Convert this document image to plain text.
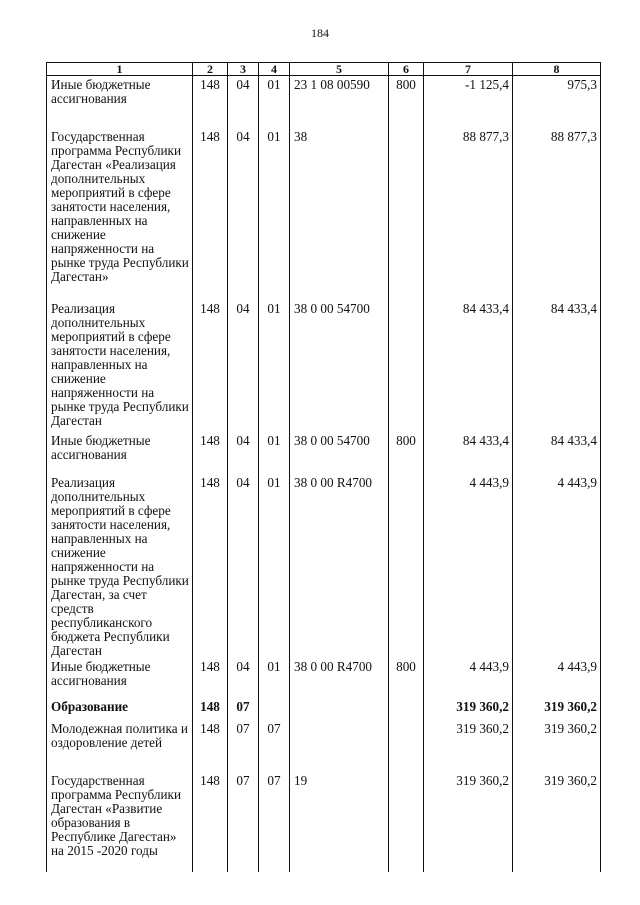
184
1	2	3	4	5	6	7	8
Иные бюджетные ассигнования	148	04	01	23 1 08 00590	800	-1 125,4	975,3
Государственная программа Республики Дагестан «Реализация дополнительных мероприятий в сфере занятости населения, направленных на снижение напряженности на рынке труда Республики Дагестан»	148	04	01	38		88 877,3	88 877,3
Реализация дополнительных мероприятий в сфере занятости населения, направленных на снижение напряженности на рынке труда Республики Дагестан	148	04	01	38 0 00 54700		84 433,4	84 433,4
Иные бюджетные ассигнования	148	04	01	38 0 00 54700	800	84 433,4	84 433,4
Реализация дополнительных мероприятий в сфере занятости населения, направленных на снижение напряженности на рынке труда Республики Дагестан, за счет средств республиканского бюджета Республики Дагестан	148	04	01	38 0 00 R4700		4 443,9	4 443,9
Иные бюджетные ассигнования	148	04	01	38 0 00 R4700	800	4 443,9	4 443,9
Образование	148	07				319 360,2	319 360,2
Молодежная политика и оздоровление детей	148	07	07			319 360,2	319 360,2
Государственная программа Республики Дагестан «Развитие образования в Республике Дагестан» на 2015 -2020 годы	148	07	07	19		319 360,2	319 360,2
